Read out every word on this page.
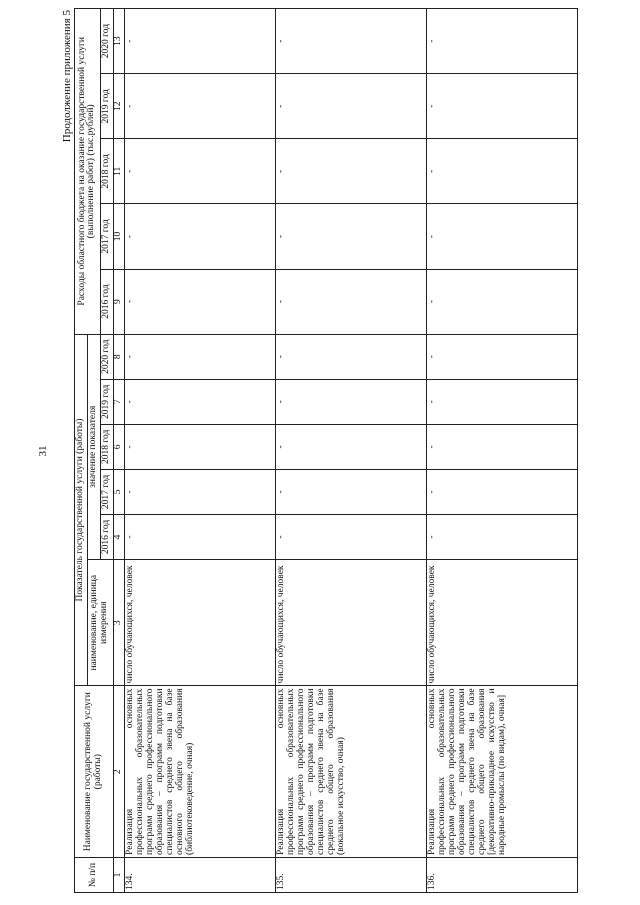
31
Продолжение приложения 5
№ п/п	Наименование государственной услуги (работы)	Показатель государственной услуги (работы)						Расходы областного бюджета на оказание государственной услуги (выполнение работ) (тыс.рублей)				
		наименование, единица измерения	значение показателя									
			2016 год	2017 год	2018 год	2019 год	2020 год	2016 год	2017 год	2018 год	2019 год	2020 год
1	2	3	4	5	6	7	8	9	10	11	12	13
134.	Реализация основных профессиональных образовательных программ среднего профессионального образования – программ подготовки специалистов среднего звена на базе основного общего образования (библиотековедение, очная)	число обучающихся, человек	-	-	-	-	-	-	-	-	-	-
135.	Реализация основных профессиональных образовательных программ среднего профессионального образования – программ подготовки специалистов среднего звена на базе среднего общего образования (вокальное искусство, очная)	число обучающихся, человек	-	-	-	-	-	-	-	-	-	-
136.	Реализация основных профессиональных образовательных программ среднего профессионального образования – программ подготовки специалистов среднего звена на базе среднего общего образования [декоративно-прикладное искусство и народные промыслы (по видам), очная]	число обучающихся, человек	-	-	-	-	-	-	-	-	-	-
